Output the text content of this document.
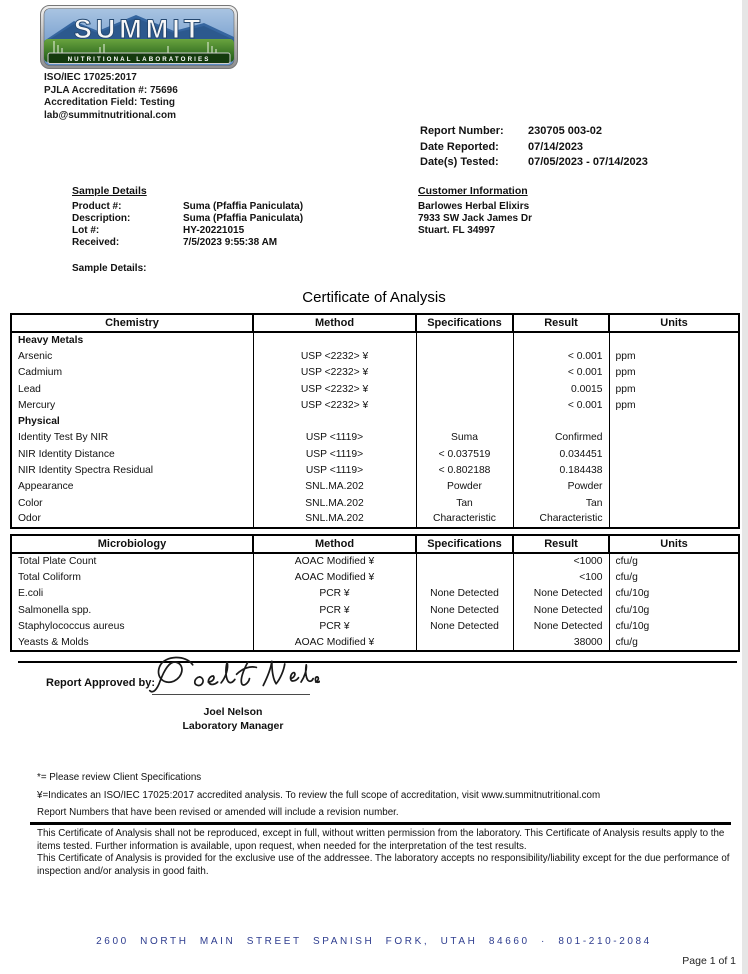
SUMMIT
NUTRITIONAL LABORATORIES
ISO/IEC 17025:2017
PJLA Accreditation #: 75696
Accreditation Field: Testing
lab@summitnutritional.com
Report Number:	230705 003-02
Date Reported:	07/14/2023
Date(s) Tested:	07/05/2023 - 07/14/2023
Sample Details
Product #:	Suma (Pfaffia Paniculata)
Description:	Suma (Pfaffia Paniculata)
Lot #:	HY-20221015
Received:	7/5/2023 9:55:38 AM
Sample Details:
Customer Information
Barlowes Herbal Elixirs
7933 SW Jack James Dr
Stuart. FL 34997
Certificate of Analysis
Chemistry	Method	Specifications	Result	Units
Heavy Metals				
Arsenic	USP <2232> ¥		< 0.001	ppm
Cadmium	USP <2232> ¥		< 0.001	ppm
Lead	USP <2232> ¥		0.0015	ppm
Mercury	USP <2232> ¥		< 0.001	ppm
Physical				
Identity Test By NIR	USP <1119>	Suma	Confirmed	
NIR Identity Distance	USP <1119>	< 0.037519	0.034451	
NIR Identity Spectra Residual	USP <1119>	< 0.802188	0.184438	
Appearance	SNL.MA.202	Powder	Powder	
Color	SNL.MA.202	Tan	Tan	
Odor	SNL.MA.202	Characteristic	Characteristic	
Microbiology	Method	Specifications	Result	Units
Total Plate Count	AOAC Modified ¥		<1000	cfu/g
Total Coliform	AOAC Modified ¥		<100	cfu/g
E.coli	PCR ¥	None Detected	None Detected	cfu/10g
Salmonella spp.	PCR ¥	None Detected	None Detected	cfu/10g
Staphylococcus aureus	PCR ¥	None Detected	None Detected	cfu/10g
Yeasts & Molds	AOAC Modified ¥		38000	cfu/g
Report Approved by:
Joel Nelson
Laboratory Manager
*= Please review Client Specifications
¥=Indicates an ISO/IEC 17025:2017 accredited analysis. To review the full scope of accreditation, visit www.summitnutritional.com
Report Numbers that have been revised or amended will include a revision number.
This Certificate of Analysis shall not be reproduced, except in full, without written permission from the laboratory. This Certificate of Analysis results apply to the items tested. Further information is available, upon request, when needed for the interpretation of the test results.
This Certificate of Analysis is provided for the exclusive use of the addressee. The laboratory accepts no responsibility/liability except for the due performance of inspection and/or analysis in good faith.
2600 NORTH MAIN STREET SPANISH FORK, UTAH 84660 · 801-210-2084
Page 1 of 1
